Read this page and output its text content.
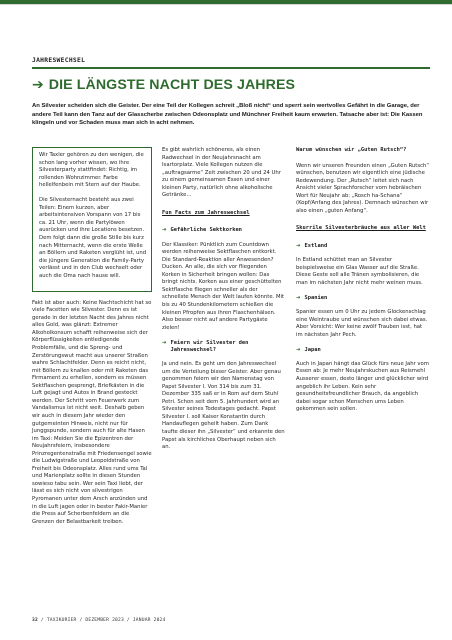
JAHRESWECHSEL
➔ DIE LÄNGSTE NACHT DES JAHRES
An Silvester scheiden sich die Geister. Der eine Teil der Kollegen schreit „Bloß nicht“ und sperrt sein wertvolles Gefährt in die Garage, der andere Teil kann den Tanz auf der Glasscherbe zwischen Odeonsplatz und Münchner Freiheit kaum erwarten. Tatsache aber ist: Die Kassen klingeln und vor Schaden muss man sich in acht nehmen.

Wir Taxler gehören zu den wenigen, die schon lang vorher wissen, wo ihre Silvesterparty stattfindet: Richtig, im rollenden Wohnzimmer. Farbe hellelfenbein mit Stern auf der Haube.

Die Silvesternacht besteht aus zwei Teilen: Einem kurzen, aber arbeitsintensiven Vorspann von 17 bis ca. 21 Uhr, wenn die Partylöwen ausrücken und ihre Locations besetzen. Dem folgt dann die große Stille bis kurz nach Mitternacht, wenn die erste Welle an Böllern und Raketen verglüht ist, und die jüngere Generation die Family-Party verlässt und in den Club wechselt oder auch die Oma nach hause will.

Fakt ist aber auch: Keine Nachtschicht hat so viele Facetten wie Silvester. Denn es ist gerade in der letzten Nacht des Jahres nicht alles Gold, was glänzt: Extremer Alkoholkonsum schafft reihenweise sich der Körperflüssigkeiten entledigende Problemfälle, und die Spreng- und Zerstörungswut macht aus unserer Straßen wahre Schlachtfelder. Denn es reicht nicht, mit Böllern zu knallen oder mit Raketen das Firmament zu erhellen, sondern es müssen Sektflaschen gesprengt, Briefkästen in die Luft gejagt und Autos in Brand gesteckt werden. Der Schritt vom Feuerwerk zum Vandalismus ist nicht weit. Deshalb geben wir auch in diesem Jahr wieder den gutgemeinten Hinweis, nicht nur für Junggspunde, sondern auch für alte Hasen im Taxi: Meiden Sie die Epizentren der Neujahrsfeiern, insbesondere Prinzregentenstraße mit Friedensengel sowie die Ludwigstraße und Leopoldstraße von Freiheit bis Odeonsplatz. Alles rund ums Tal und Marienplatz sollte in diesen Stunden sowieso tabu sein. Wer sein Taxi liebt, der lässt es sich nicht von silvestrigen Pyromanen unter dem Arsch anzünden und in die Luft jagen oder in bester Fakir-Manier die Press auf Scherbenfeldern an die Grenzen der Belastbarkeit treiben.

Es gibt wahrlich schöneres, als einen Radwechsel in der Neujahrsnacht am Isartorplatz. Viele Kollegen nutzen die „auftragsarme“ Zeit zwischen 20 und 24 Uhr zu einem gemeinsamen Essen und einer kleinen Party, natürlich ohne alkoholische Getränke…

Fun Facts zum Jahreswechsel
➔ Gefährliche Sektkorken

Der Klassiker: Pünktlich zum Countdown werden reihenweise Sektflaschen entkorkt. Die Standard-Reaktion aller Anwesenden? Ducken. An alle, die sich vor fliegenden Korken in Sicherheit bringen wollen: Das bringt nichts. Korken aus einer geschüttelten Sektflasche fliegen schneller als der schnellste Mensch der Welt laufen könnte. Mit bis zu 40 Stundenkilometern schießen die kleinen Pfropfen aus ihren Flaschenhälsen. Also besser nicht auf andere Partygäste zielen!

➔ Feiern wir Silvester den Jahreswechsel?

Ja und nein. Es geht um den Jahreswechsel um die Verteilung bisser Geister. Aber genau genommen feiern wir den Namenstag von Papst Silvester I. Von 314 bis zum 31. Dezember 335 saß er in Rom auf dem Stuhl Petri. Schon seit dem 5. Jahrhundert wird an Silvester seines Todestages gedacht. Papst Silvester I. soll Kaiser Konstantin durch Handauflegen geheilt haben. Zum Dank taufte dieser ihn „Silvester“ und erkannte den Papst als kirchliches Oberhaupt neben sich an.

Warum wünschen wir „Guten Rutsch“?

Wenn wir unseren Freunden einen „Guten Rutsch“ wünschen, benutzen wir eigentlich eine jüdische Redewendung. Der „Rutsch“ leitet sich nach Ansicht vieler Sprachforscher vom hebräischen Wort für Neujahr ab: „Rosch ha-Schana“ (Kopf/Anfang des Jahres). Demnach wünschen wir also einen „guten Anfang“.

Skurrile Silvesterbräuche aus aller Welt
➔ Estland

In Estland schüttet man an Silvester beispielsweise ein Glas Wasser auf die Straße. Diese Geste soll alle Tränen symbolisieren, die man im nächsten Jahr nicht mehr weinen muss.

➔ Spanien

Spanier essen um 0 Uhr zu jedem Glockenschlag eine Weintraube und wünschen sich dabei etwas. Aber Vorsicht: Wer keine zwölf Trauben isst, hat im nächsten Jahr Pech.

➔ Japan

Auch in Japan hängt das Glück fürs neue Jahr vom Essen ab: Je mehr Neujahrskuchen aus Reismehl Ausserer essen, desto länger und glücklicher wird angeblich ihr Leben. Kein sehr gesundheitsfreundlicher Brauch, da angeblich dabei sogar schon Menschen ums Leben gekommen sein sollen.

32 / TAXIKURIER / DEZEMBER 2023 / JANUAR 2024
